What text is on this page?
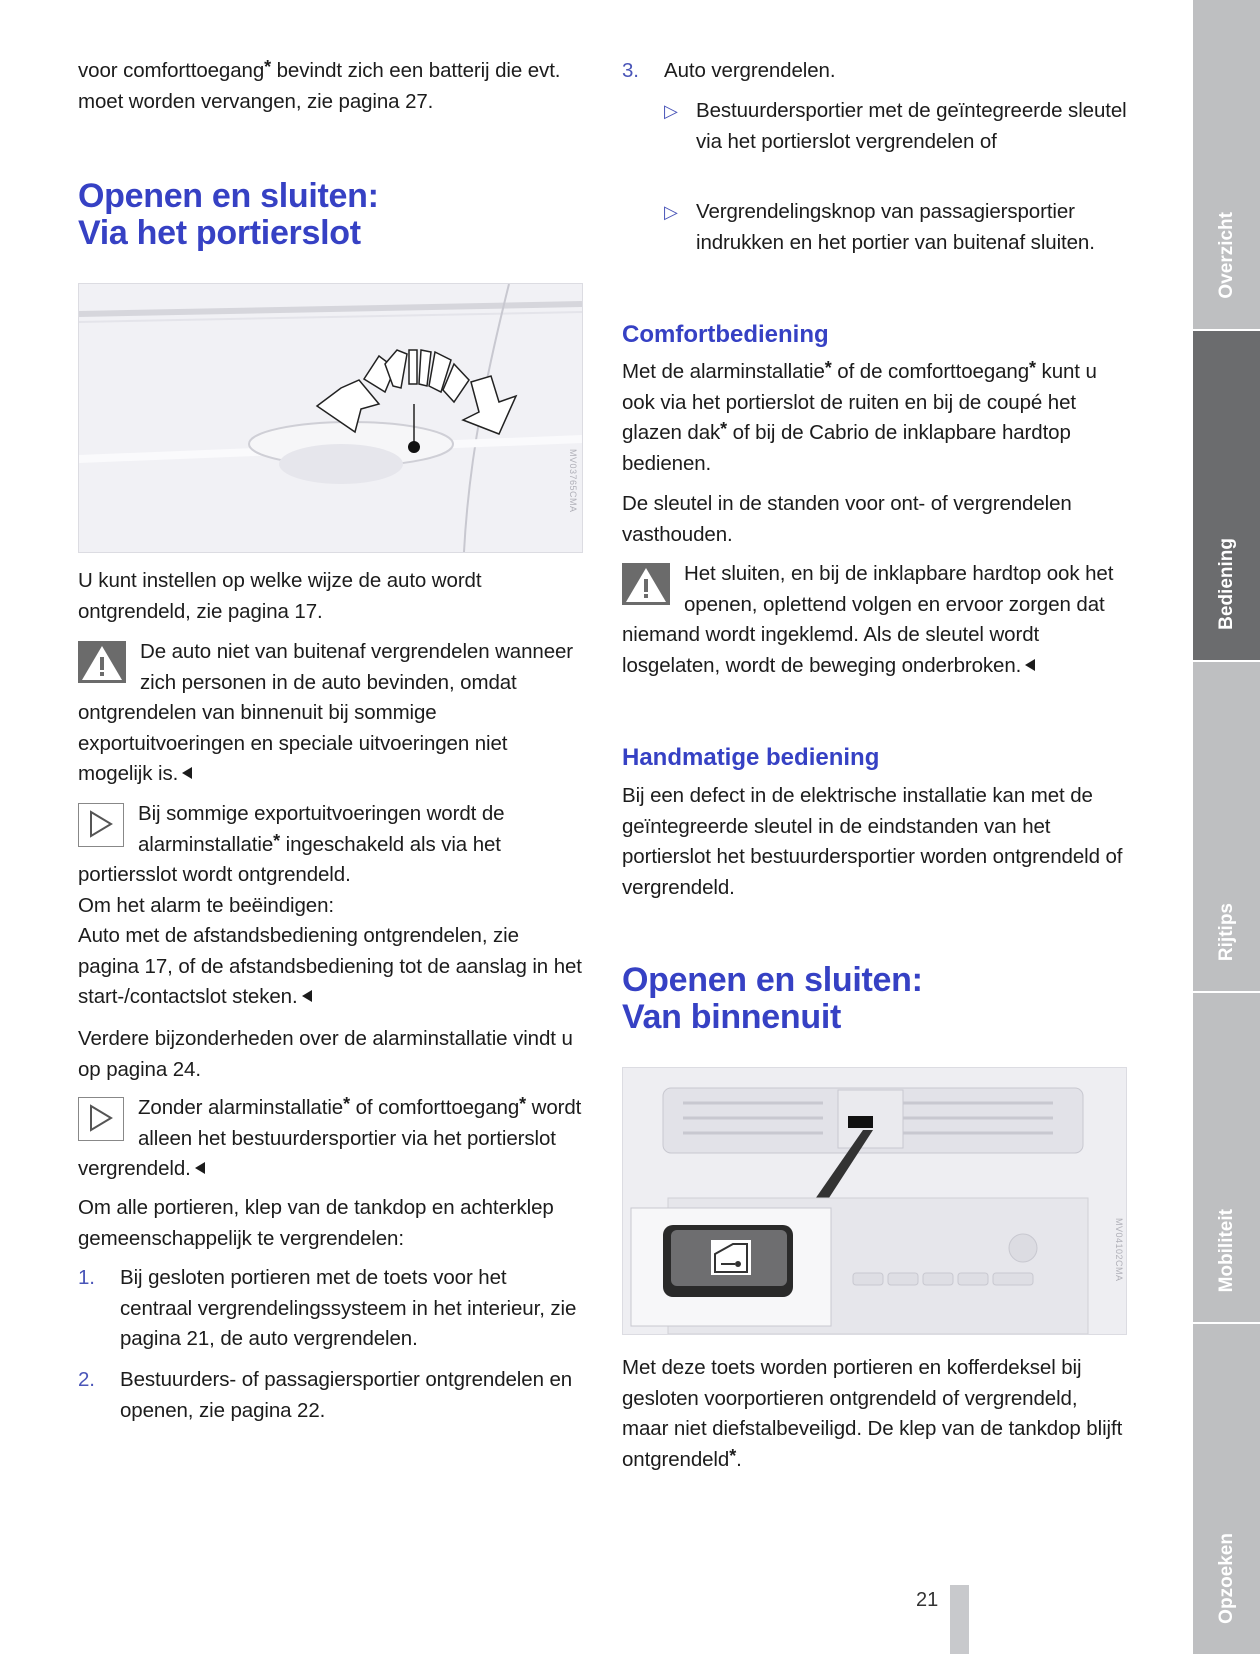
voor comforttoegang* bevindt zich een batterij die evt. moet worden vervangen, zie pagina 27.

Openen en sluiten:
Via het portierslot
MV03765CMA

U kunt instellen op welke wijze de auto wordt ontgrendeld, zie pagina 17.

De auto niet van buitenaf vergrendelen wanneer zich personen in de auto bevinden, omdat ontgrendelen van binnenuit bij sommige exportuitvoeringen en speciale uitvoeringen niet mogelijk is.
Bij sommige exportuitvoeringen wordt de alarminstallatie* ingeschakeld als via het portiersslot wordt ontgrendeld.
Om het alarm te beëindigen:
Auto met de afstandsbediening ontgrendelen, zie pagina 17, of de afstandsbediening tot de aanslag in het start-/contactslot steken.

Verdere bijzonderheden over de alarminstallatie vindt u op pagina 24.

Zonder alarminstallatie* of comforttoegang* wordt alleen het bestuurdersportier via het portierslot vergrendeld.

Om alle portieren, klep van de tankdop en achterklep gemeenschappelijk te vergrendelen:

1. Bij gesloten portieren met de toets voor het centraal vergrendelingssysteem in het interieur, zie pagina 21, de auto vergrendelen.
2. Bestuurders- of passagiersportier ontgrendelen en openen, zie pagina 22.
3. Auto vergrendelen.
▷ Bestuurdersportier met de geïntegreerde sleutel via het portierslot vergrendelen of
▷ Vergrendelingsknop van passagiersportier indrukken en het portier van buitenaf sluiten.
Comfortbediening

Met de alarminstallatie* of de comforttoegang* kunt u ook via het portierslot de ruiten en bij de coupé het glazen dak* of bij de Cabrio de inklapbare hardtop bedienen.

De sleutel in de standen voor ont- of vergrendelen vasthouden.

Het sluiten, en bij de inklapbare hardtop ook het openen, oplettend volgen en ervoor zorgen dat niemand wordt ingeklemd. Als de sleutel wordt losgelaten, wordt de beweging onderbroken.
Handmatige bediening

Bij een defect in de elektrische installatie kan met de geïntegreerde sleutel in de eindstanden van het portierslot het bestuurdersportier worden ontgrendeld of vergrendeld.

Openen en sluiten:
Van binnenuit
MV04102CMA

Met deze toets worden portieren en kofferdeksel bij gesloten voorportieren ontgrendeld of vergrendeld, maar niet diefstalbeveiligd. De klep van de tankdop blijft ontgrendeld*.

Overzicht
Bediening
Rijtips
Mobiliteit
Opzoeken
21
